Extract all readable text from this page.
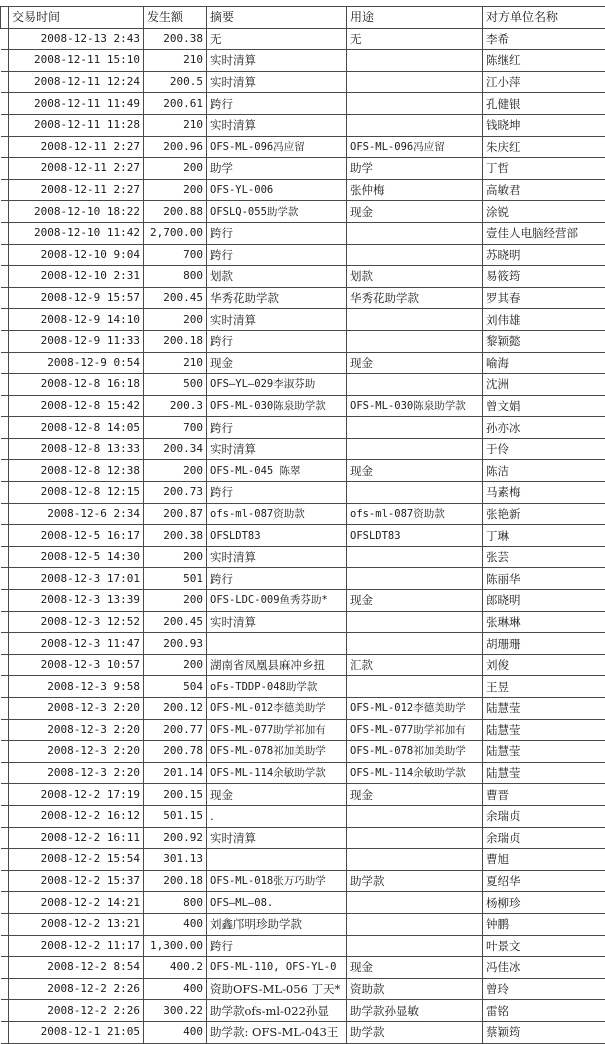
	交易时间	发生额	摘要	用途	对方单位名称
	2008-12-13 2:43	200.38	无	无	李希
	2008-12-11 15:10	210	实时清算		陈继红
	2008-12-11 12:24	200.5	实时清算		江小萍
	2008-12-11 11:49	200.61	跨行		孔健银
	2008-12-11 11:28	210	实时清算		钱晓坤
	2008-12-11 2:27	200.96	OFS-ML-096冯应留	OFS-ML-096冯应留	朱庆红
	2008-12-11 2:27	200	助学	助学	丁哲
	2008-12-11 2:27	200	OFS-YL-006	张仲梅	高敏君
	2008-12-10 18:22	200.88	OFSLQ-055助学款	现金	涂锐
	2008-12-10 11:42	2,700.00	跨行		壹佳人电脑经营部
	2008-12-10 9:04	700	跨行		苏晓明
	2008-12-10 2:31	800	划款	划款	易筱筠
	2008-12-9 15:57	200.45	华秀花助学款	华秀花助学款	罗其春
	2008-12-9 14:10	200	实时清算		刘伟雄
	2008-12-9 11:33	200.18	跨行		黎颖懿
	2008-12-9 0:54	210	现金	现金	喻海
	2008-12-8 16:18	500	OFS—YL—029李淑芬助		沈洲
	2008-12-8 15:42	200.3	OFS-ML-030陈泉助学款	OFS-ML-030陈泉助学款	曾文娟
	2008-12-8 14:05	700	跨行		孙亦冰
	2008-12-8 13:33	200.34	实时清算		于伶
	2008-12-8 12:38	200	OFS-ML-045 陈翠	现金	陈洁
	2008-12-8 12:15	200.73	跨行		马素梅
	2008-12-6 2:34	200.87	ofs-ml-087资助款	ofs-ml-087资助款	张艳新
	2008-12-5 16:17	200.38	OFSLDT83	OFSLDT83	丁琳
	2008-12-5 14:30	200	实时清算		张芸
	2008-12-3 17:01	501	跨行		陈丽华
	2008-12-3 13:39	200	OFS-LDC-009鱼秀芬助*	现金	郎晓明
	2008-12-3 12:52	200.45	实时清算		张琳琳
	2008-12-3 11:47	200.93			胡珊珊
	2008-12-3 10:57	200	湖南省凤凰县麻冲乡扭	汇款	刘俊
	2008-12-3 9:58	504	oFs-TDDP-048助学款		王昱
	2008-12-3 2:20	200.12	OFS-ML-012李德美助学	OFS-ML-012李德美助学	陆慧莹
	2008-12-3 2:20	200.77	OFS-ML-077助学祁加有	OFS-ML-077助学祁加有	陆慧莹
	2008-12-3 2:20	200.78	OFS-ML-078祁加美助学	OFS-ML-078祁加美助学	陆慧莹
	2008-12-3 2:20	201.14	OFS-ML-114余敏助学款	OFS-ML-114余敏助学款	陆慧莹
	2008-12-2 17:19	200.15	现金	现金	曹晋
	2008-12-2 16:12	501.15	.		余瑞贞
	2008-12-2 16:11	200.92	实时清算		余瑞贞
	2008-12-2 15:54	301.13			曹旭
	2008-12-2 15:37	200.18	OFS-ML-018张万巧助学	助学款	夏绍华
	2008-12-2 14:21	800	OFS—ML—08.		杨柳珍
	2008-12-2 13:21	400	刘鑫邝明珍助学款		钟鹏
	2008-12-2 11:17	1,300.00	跨行		叶景文
	2008-12-2 8:54	400.2	OFS-ML-110, OFS-YL-0	现金	冯佳冰
	2008-12-2 2:26	400	资助OFS-ML-056 丁天*	资助款	曾玲
	2008-12-2 2:26	300.22	助学款ofs-ml-022孙显	助学款孙显敏	雷铭
	2008-12-1 21:05	400	助学款: OFS-ML-043王	助学款	蔡颖筠
